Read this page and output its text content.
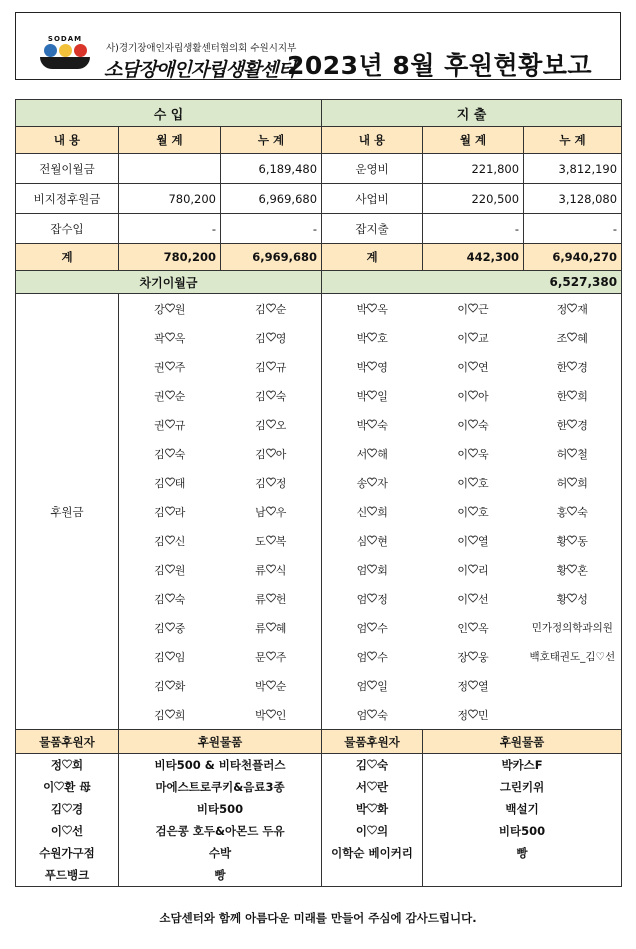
SODAM
사)경기장애인자립생활센터협의회 수원시지부
소담장애인자립생활센터
2023년 8월 후원현황보고
수 입			지 출		
내 용	월 계	누 계	내 용	월 계	누 계
전월이월금		6,189,480	운영비	221,800	3,812,190
비지정후원금	780,200	6,969,680	사업비	220,500	3,128,080
잡수입	-	-	잡지출	-	-
계	780,200	6,969,680	계	442,300	6,940,270
차기이월금			6,527,380		
후원금	강 원	김 순	박 옥	이 근	정 재
	곽 옥	김 영	박 호	이 교	조 혜
	권 주	김 규	박 영	이 연	한 경
	권 순	김 숙	박 일	이 아	한 희
	권 규	김 오	박 숙	이 숙	한 경
	김 숙	김 아	서 해	이 욱	허 철
	김 태	김 정	송 자	이 호	허 희
	김 라	남 우	신 희	이 호	홍 숙
	김 신	도 복	심 현	이 열	황 동
	김 원	류 식	엄 회	이 리	황 혼
	김 숙	류 헌	엄 정	이 선	황 성
	김 중	류 혜	엄 수	인 옥	민가정의학과의원
	김 임	문 주	엄 수	장 웅	백호태권도_김♡선
	김 화	박 순	엄 일	정 열	
	김 희	박 인	엄 숙	정 민	
물품후원자	후원물품		물품후원자	후원물품	
정 희	비타500 & 비타천플러스		김 숙	박카스F	
이 환 母	마에스트로쿠키&음료3종		서 란	그린키위	
김 경	비타500		박 화	백설기	
이 선	검은콩 호두&아몬드 두유		이 의	비타500	
수원가구점	수박		이학순 베이커리	빵	
푸드뱅크	빵				
소담센터와 함께 아름다운 미래를 만들어 주심에 감사드립니다.
